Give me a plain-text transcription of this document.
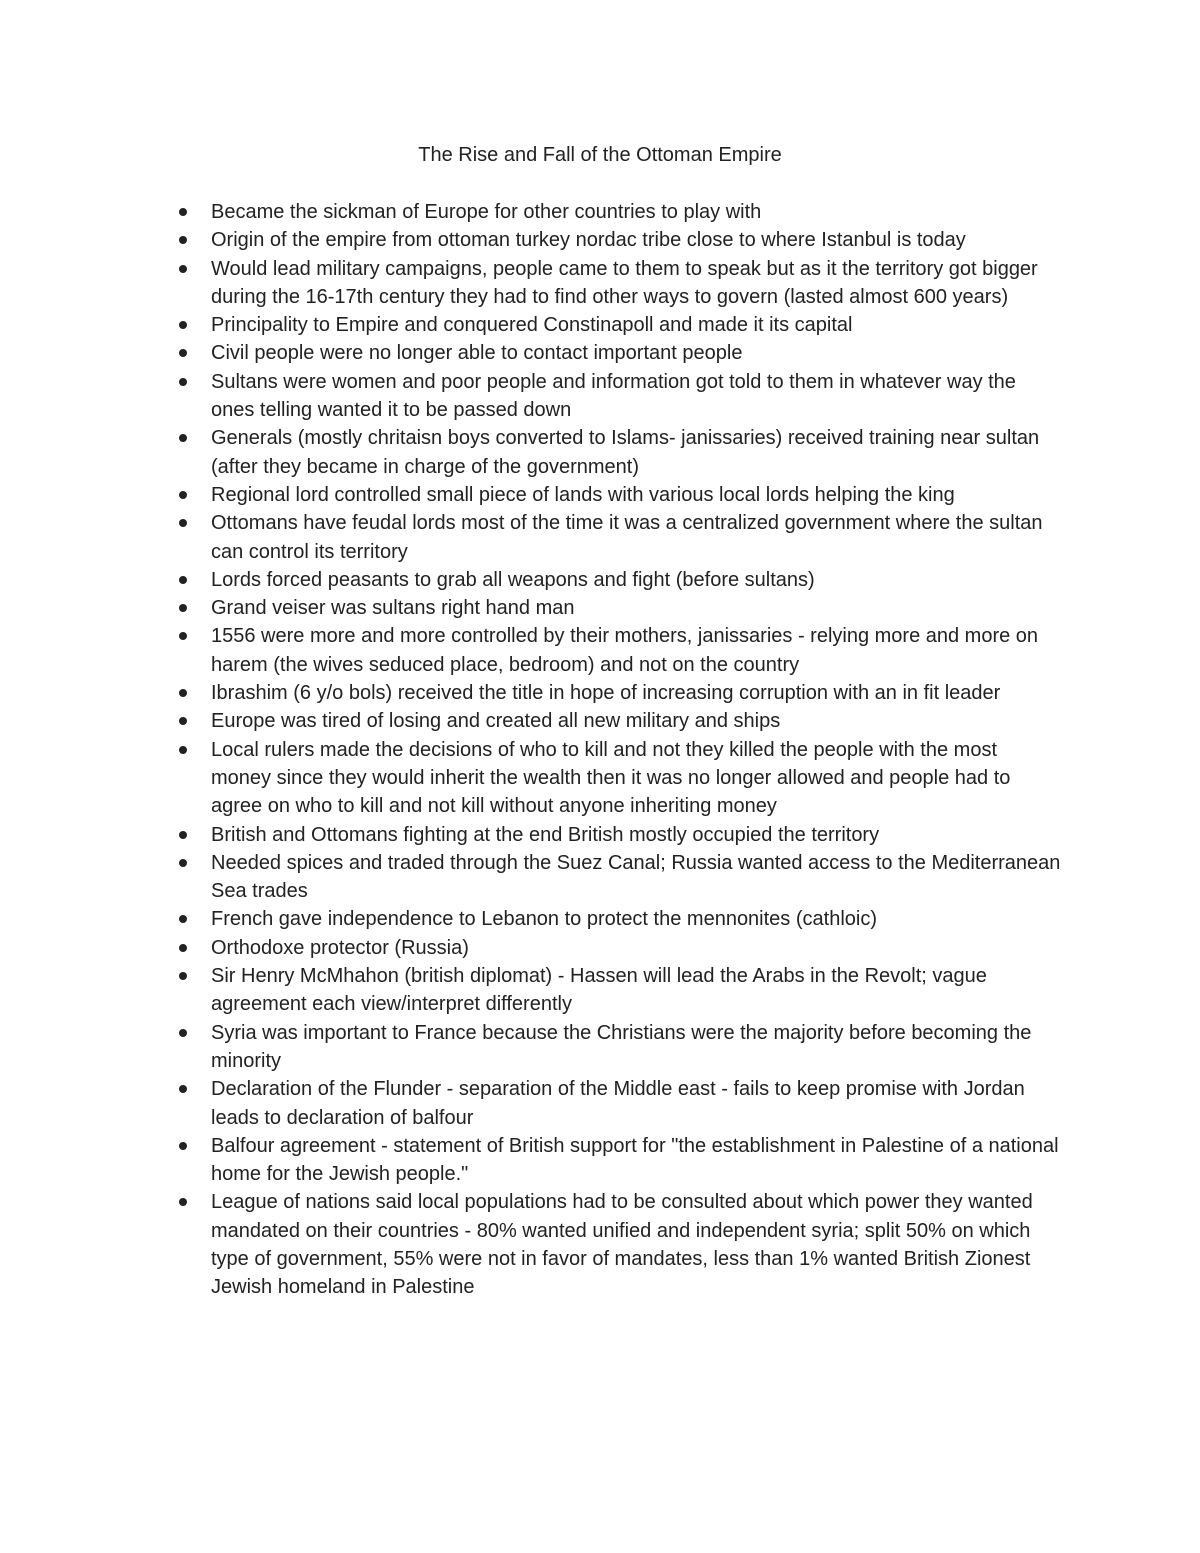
The Rise and Fall of the Ottoman Empire
Became the sickman of Europe for other countries to play with
Origin of the empire from ottoman turkey nordac tribe close to where Istanbul is today
Would lead military campaigns, people came to them to speak but as it the territory got bigger during the 16-17th century they had to find other ways to govern (lasted almost 600 years)
Principality to Empire and conquered Constinapoll and made it its capital
Civil people were no longer able to contact important people
Sultans were women and poor people and information got told to them in whatever way the ones telling wanted it to be passed down
Generals (mostly chritaisn boys converted to Islams- janissaries) received training near sultan (after they became in charge of the government)
Regional lord controlled small piece of lands with various local lords helping the king
Ottomans have feudal lords most of the time it was a centralized government where the sultan can control its territory
Lords forced peasants to grab all weapons and fight (before sultans)
Grand veiser was sultans right hand man
1556 were more and more controlled by their mothers, janissaries - relying more and more on harem (the wives seduced place, bedroom) and not on the country
Ibrashim (6 y/o bols) received the title in hope of increasing corruption with an in fit leader
Europe was tired of losing and created all new military and ships
Local rulers made the decisions of who to kill and not they killed the people with the most money since they would inherit the wealth then it was no longer allowed and people had to agree on who to kill and not kill without anyone inheriting money
British and Ottomans fighting at the end British mostly occupied the territory
Needed spices and traded through the Suez Canal; Russia wanted access to the Mediterranean Sea trades
French gave independence to Lebanon to protect the mennonites (cathloic)
Orthodoxe protector (Russia)
Sir Henry McMhahon (british diplomat) - Hassen will lead the Arabs in the Revolt; vague agreement each view/interpret differently
Syria was important to France because the Christians were the majority before becoming the minority
Declaration of the Flunder - separation of the Middle east - fails to keep promise with Jordan leads to declaration of balfour
Balfour agreement - statement of British support for "the establishment in Palestine of a national home for the Jewish people."
League of nations said local populations had to be consulted about which power they wanted mandated on their countries - 80% wanted unified and independent syria; split 50% on which type of government, 55% were not in favor of mandates, less than 1% wanted British Zionest Jewish homeland in Palestine
